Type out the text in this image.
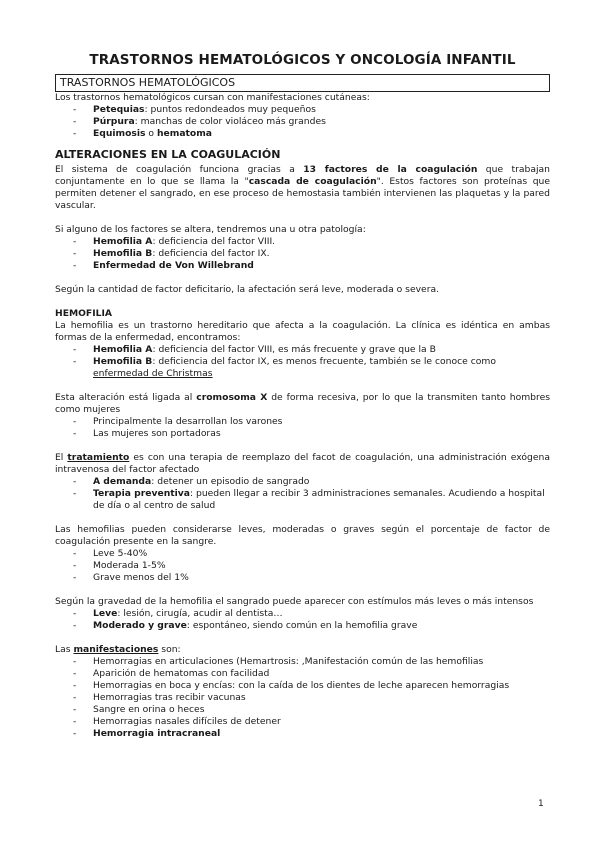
TRASTORNOS HEMATOLÓGICOS Y ONCOLOGÍA INFANTIL
TRASTORNOS HEMATOLÓGICOS

Los trastornos hematológicos cursan con manifestaciones cutáneas:

- Petequias: puntos redondeados muy pequeños
- Púrpura: manchas de color violáceo más grandes
- Equimosis o hematoma
ALTERACIONES EN LA COAGULACIÓN

El sistema de coagulación funciona gracias a 13 factores de la coagulación que trabajan conjuntamente en lo que se llama la "cascada de coagulación". Estos factores son proteínas que permiten detener el sangrado, en ese proceso de hemostasia también intervienen las plaquetas y la pared vascular.

Si alguno de los factores se altera, tendremos una u otra patología:

- Hemofilia A: deficiencia del factor VIII.
- Hemofilia B: deficiencia del factor IX.
- Enfermedad de Von Willebrand

Según la cantidad de factor deficitario, la afectación será leve, moderada o severa.

HEMOFILIA

La hemofilia es un trastorno hereditario que afecta a la coagulación. La clínica es idéntica en ambas formas de la enfermedad, encontramos:

- Hemofilia A: deficiencia del factor VIII, es más frecuente y grave que la B
- Hemofilia B: deficiencia del factor IX, es menos frecuente, también se le conoce como enfermedad de Christmas

Esta alteración está ligada al cromosoma X de forma recesiva, por lo que la transmiten tanto hombres como mujeres

- Principalmente la desarrollan los varones
- Las mujeres son portadoras

El tratamiento es con una terapia de reemplazo del facot de coagulación, una administración exógena intravenosa del factor afectado

- A demanda: detener un episodio de sangrado
- Terapia preventiva: pueden llegar a recibir 3 administraciones semanales. Acudiendo a hospital de día o al centro de salud

Las hemofilias pueden considerarse leves, moderadas o graves según el porcentaje de factor de coagulación presente en la sangre.

- Leve 5-40%
- Moderada 1-5%
- Grave menos del 1%

Según la gravedad de la hemofilia el sangrado puede aparecer con estímulos más leves o más intensos

- Leve: lesión, cirugía, acudir al dentista…
- Moderado y grave: espontáneo, siendo común en la hemofilia grave

Las manifestaciones son:

- Hemorragias en articulaciones (Hemartrosis: ,Manifestación común de las hemofilias
- Aparición de hematomas con facilidad
- Hemorragias en boca y encías: con la caída de los dientes de leche aparecen hemorragias
- Hemorragias tras recibir vacunas
- Sangre en orina o heces
- Hemorragias nasales difíciles de detener
- Hemorragia intracraneal
1
